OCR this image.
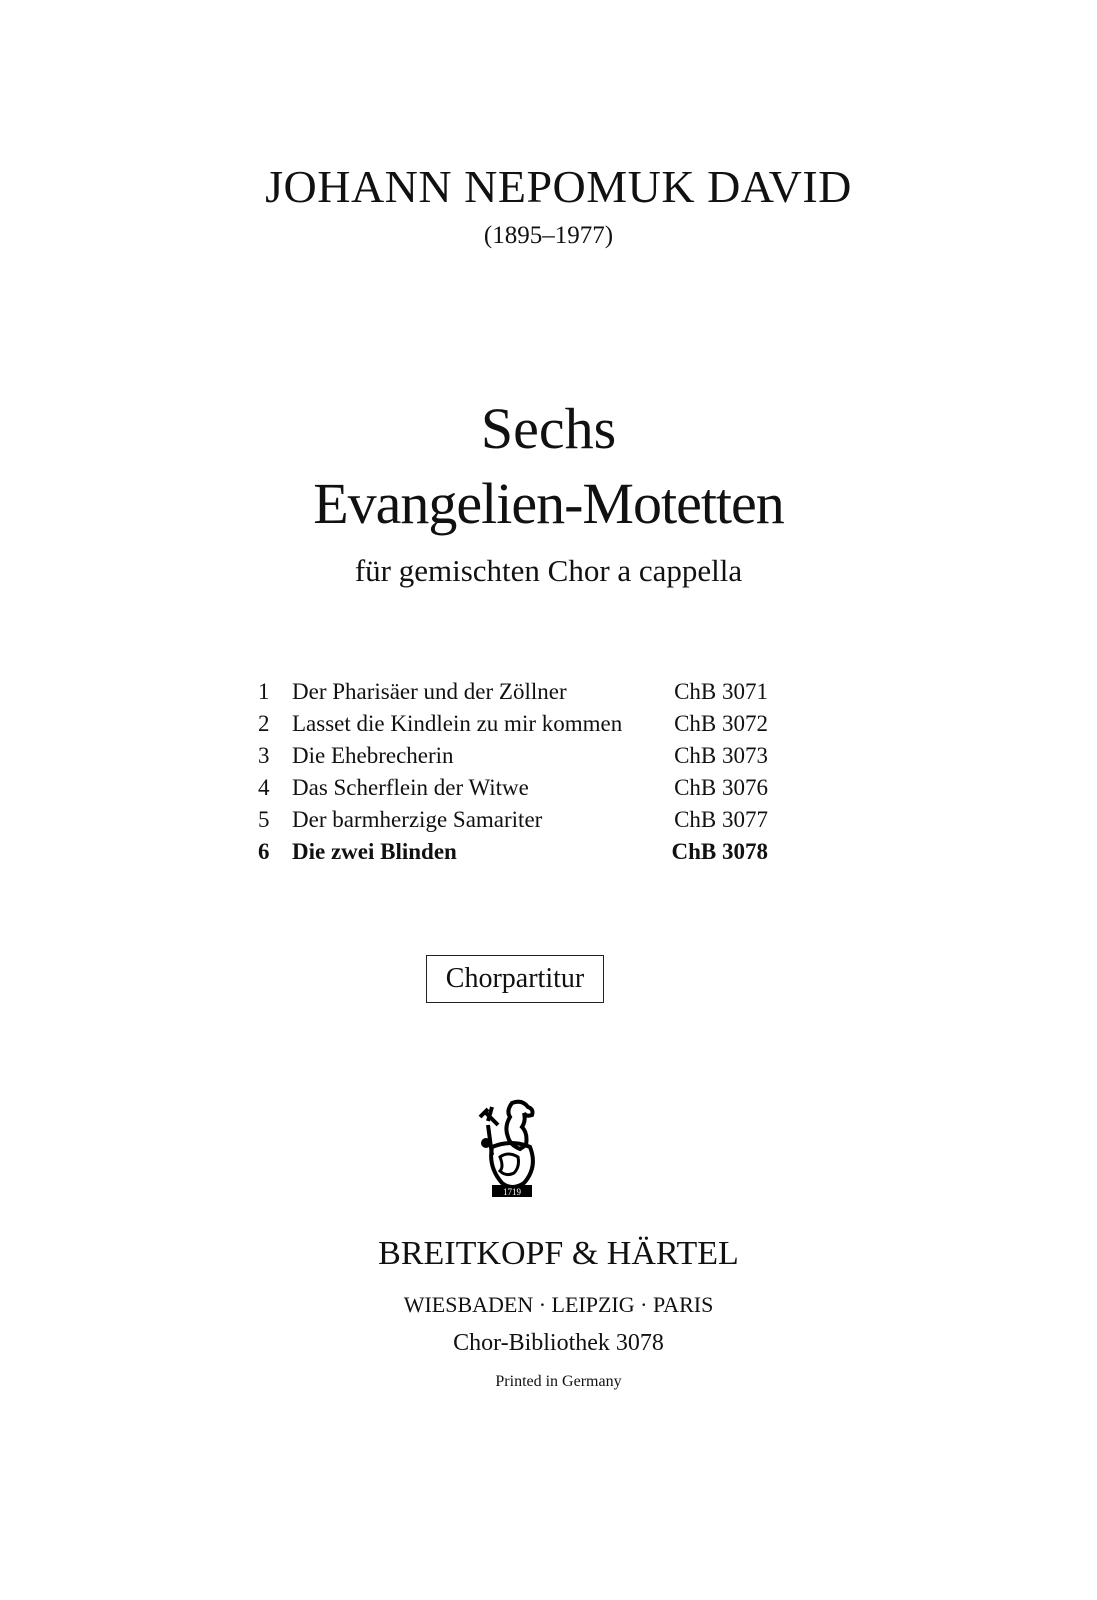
JOHANN NEPOMUK DAVID
(1895–1977)
Sechs
Evangelien-Motetten
für gemischten Chor a cappella
1 Der Pharisäer und der Zöllner	ChB 3071
2 Lasset die Kindlein zu mir kommen	ChB 3072
3 Die Ehebrecherin	ChB 3073
4 Das Scherflein der Witwe	ChB 3076
5 Der barmherzige Samariter	ChB 3077
6 Die zwei Blinden	ChB 3078
Chorpartitur
1719
BREITKOPF & HÄRTEL
WIESBADEN · LEIPZIG · PARIS
Chor-Bibliothek 3078
Printed in Germany
